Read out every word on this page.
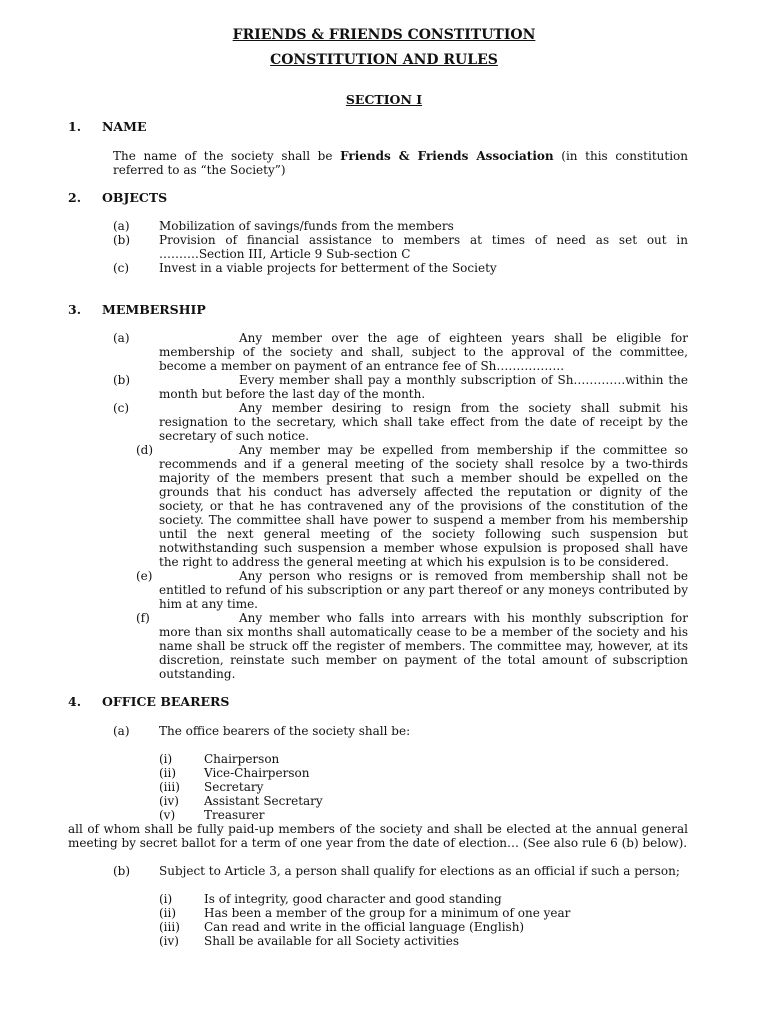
FRIENDS & FRIENDS CONSTITUTION
CONSTITUTION AND RULES
SECTION I
1. NAME
The name of the society shall be Friends & Friends Association (in this constitution referred to as “the Society”)
2. OBJECTS
(a) Mobilization of savings/funds from the members
(b) Provision of financial assistance to members at times of need as set out in ……….Section III, Article 9 Sub-section C
(c) Invest in a viable projects for betterment of the Society
3. MEMBERSHIP
(a)	Any member over the age of eighteen years shall be eligible for membership of the society and shall, subject to the approval of the committee, become a member on payment of an entrance fee of Sh……………..
(b)	Every member shall pay a monthly subscription of Sh………….within the month but before the last day of the month.
(c)	Any member desiring to resign from the society shall submit his resignation to the secretary, which shall take effect from the date of receipt by the secretary of such notice.
(d)	Any member may be expelled from membership if the committee so recommends and if a general meeting of the society shall resolce by a two-thirds majority of the members present that such a member should be expelled on the grounds that his conduct has adversely affected the reputation or dignity of the society, or that he has contravened any of the provisions of the constitution of the society. The committee shall have power to suspend a member from his membership until the next general meeting of the society following such suspension but notwithstanding such suspension a member whose expulsion is proposed shall have the right to address the general meeting at which his expulsion is to be considered.
(e)	Any person who resigns or is removed from membership shall not be entitled to refund of his subscription or any part thereof or any moneys contributed by him at any time.
(f)	Any member who falls into arrears with his monthly subscription for more than six months shall automatically cease to be a member of the society and his name shall be struck off the register of members. The committee may, however, at its discretion, reinstate such member on payment of the total amount of subscription outstanding.
4. OFFICE BEARERS
(a) The office bearers of the society shall be:
(i)	Chairperson
(ii) Vice-Chairperson
(iii) Secretary
(iv) Assistant Secretary
(v) Treasurer
all of whom shall be fully paid-up members of the society and shall be elected at the annual general meeting by secret ballot for a term of one year from the date of election… (See also rule 6 (b) below).
(b) Subject to Article 3, a person shall qualify for elections as an official if such a person;
(i)	Is of integrity, good character and good standing
(ii) Has been a member of the group for a minimum of one year
(iii) Can read and write in the official language (English)
(iv) Shall be available for all Society activities
